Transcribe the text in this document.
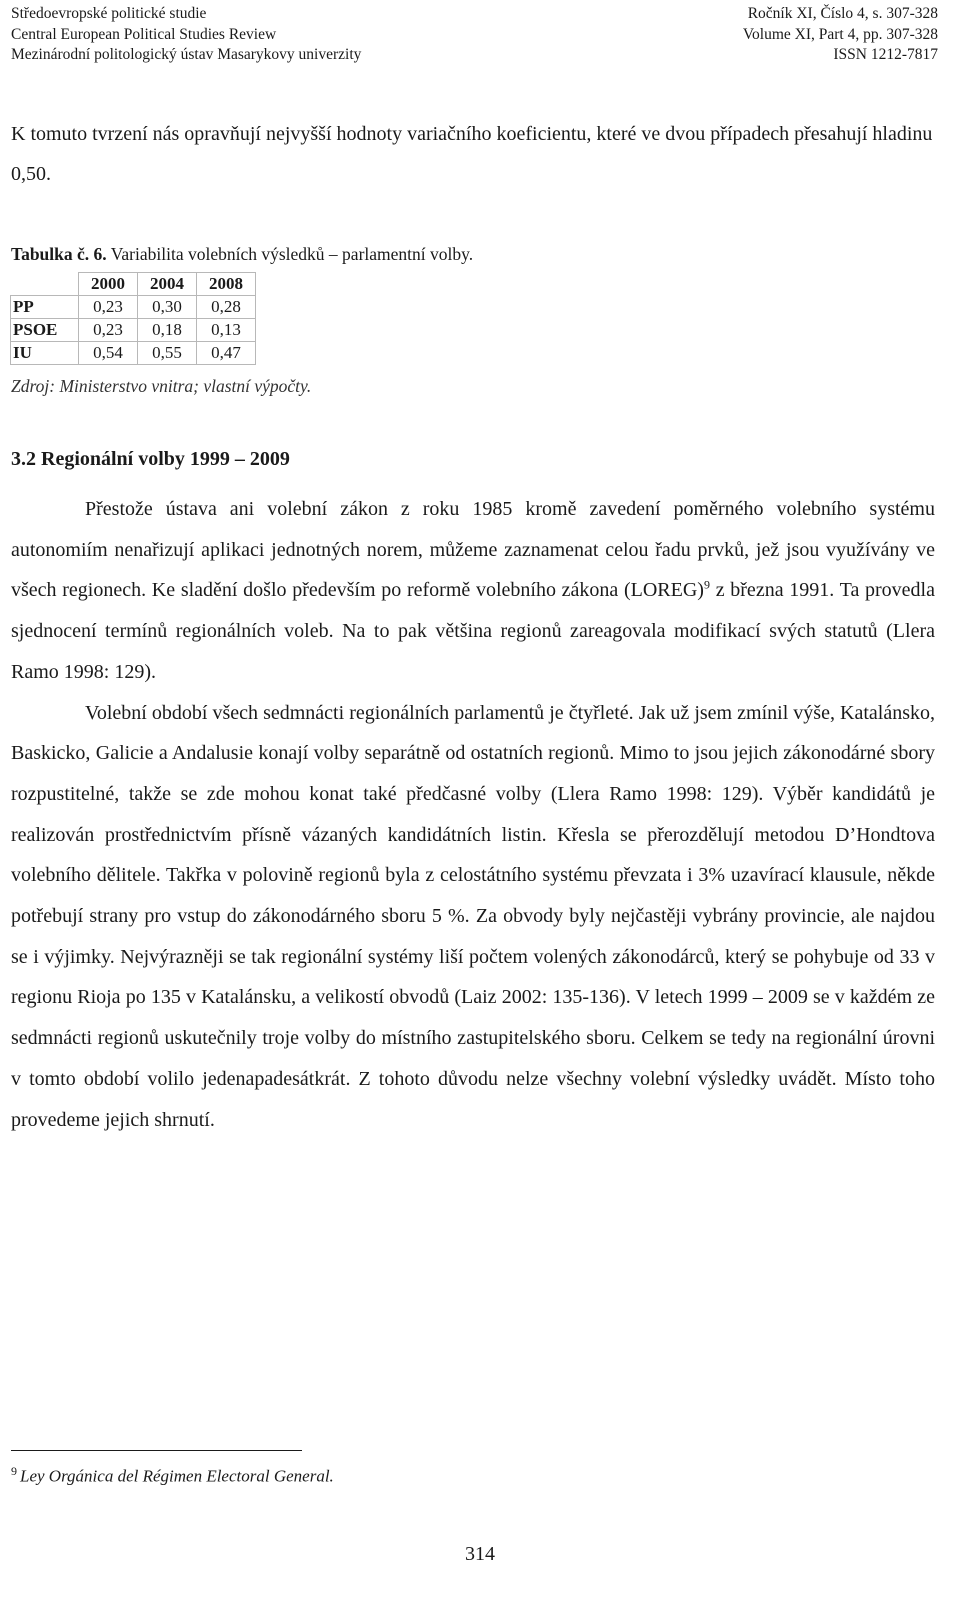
Středoevropské politické studie	Ročník XI, Číslo 4, s. 307-328
Central European Political Studies Review	Volume XI, Part 4, pp. 307-328
Mezinárodní politologický ústav Masarykovy univerzity	ISSN 1212-7817
K tomuto tvrzení nás opravňují nejvyšší hodnoty variačního koeficientu, které ve dvou případech přesahují hladinu 0,50.
Tabulka č. 6. Variabilita volebních výsledků – parlamentní volby.
	2000	2004	2008
PP	0,23	0,30	0,28
PSOE	0,23	0,18	0,13
IU	0,54	0,55	0,47
Zdroj: Ministerstvo vnitra; vlastní výpočty.
3.2 Regionální volby 1999 – 2009

Přestože ústava ani volební zákon z roku 1985 kromě zavedení poměrného volebního systému autonomiím nenařizují aplikaci jednotných norem, můžeme zaznamenat celou řadu prvků, jež jsou využívány ve všech regionech. Ke sladění došlo především po reformě volebního zákona (LOREG)$^9$ z března 1991. Ta provedla sjednocení termínů regionálních voleb. Na to pak většina regionů zareagovala modifikací svých statutů (Llera Ramo 1998: 129).

Volební období všech sedmnácti regionálních parlamentů je čtyřleté. Jak už jsem zmínil výše, Katalánsko, Baskicko, Galicie a Andalusie konají volby separátně od ostatních regionů. Mimo to jsou jejich zákonodárné sbory rozpustitelné, takže se zde mohou konat také předčasné volby (Llera Ramo 1998: 129). Výběr kandidátů je realizován prostřednictvím přísně vázaných kandidátních listin. Křesla se přerozdělují metodou D’Hondtova volebního dělitele. Takřka v polovině regionů byla z celostátního systému převzata i 3% uzavírací klausule, někde potřebují strany pro vstup do zákonodárného sboru 5 %. Za obvody byly nejčastěji vybrány provincie, ale najdou se i výjimky. Nejvýrazněji se tak regionální systémy liší počtem volených zákonodárců, který se pohybuje od 33 v regionu Rioja po 135 v Katalánsku, a velikostí obvodů (Laiz 2002: 135-136). V letech 1999 – 2009 se v každém ze sedmnácti regionů uskutečnily troje volby do místního zastupitelského sboru. Celkem se tedy na regionální úrovni v tomto období volilo jedenapadesátkrát. Z tohoto důvodu nelze všechny volební výsledky uvádět. Místo toho provedeme jejich shrnutí.

$^9$ Ley Orgánica del Régimen Electoral General.
314
